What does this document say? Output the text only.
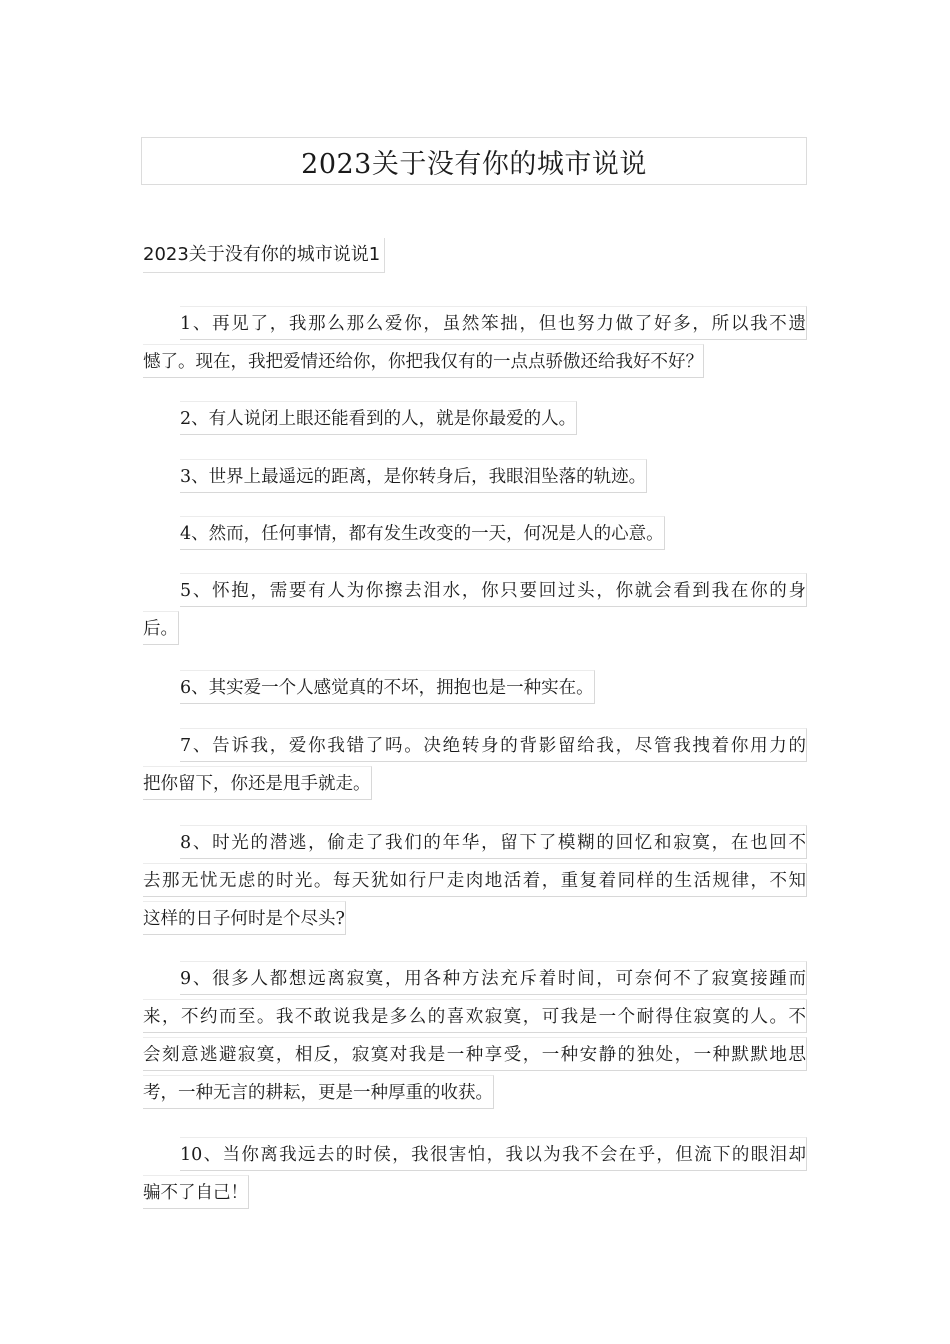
2023关于没有你的城市说说
2023关于没有你的城市说说1
1、再见了，我那么那么爱你，虽然笨拙，但也努力做了好多，所以我不遗
憾了。现在，我把爱情还给你，你把我仅有的一点点骄傲还给我好不好？
2、有人说闭上眼还能看到的人，就是你最爱的人。
3、世界上最遥远的距离，是你转身后，我眼泪坠落的轨迹。
4、然而，任何事情，都有发生改变的一天，何况是人的心意。
5、怀抱，需要有人为你擦去泪水，你只要回过头，你就会看到我在你的身
后。
6、其实爱一个人感觉真的不坏，拥抱也是一种实在。
7、告诉我，爱你我错了吗。决绝转身的背影留给我，尽管我拽着你用力的
把你留下，你还是甩手就走。
8、时光的潜逃，偷走了我们的年华，留下了模糊的回忆和寂寞，在也回不
去那无忧无虑的时光。每天犹如行尸走肉地活着，重复着同样的生活规律，不知
这样的日子何时是个尽头?
9、很多人都想远离寂寞，用各种方法充斥着时间，可奈何不了寂寞接踵而
来，不约而至。我不敢说我是多么的喜欢寂寞，可我是一个耐得住寂寞的人。不
会刻意逃避寂寞，相反，寂寞对我是一种享受，一种安静的独处，一种默默地思
考，一种无言的耕耘，更是一种厚重的收获。
10、当你离我远去的时侯，我很害怕，我以为我不会在乎，但流下的眼泪却
骗不了自己！
